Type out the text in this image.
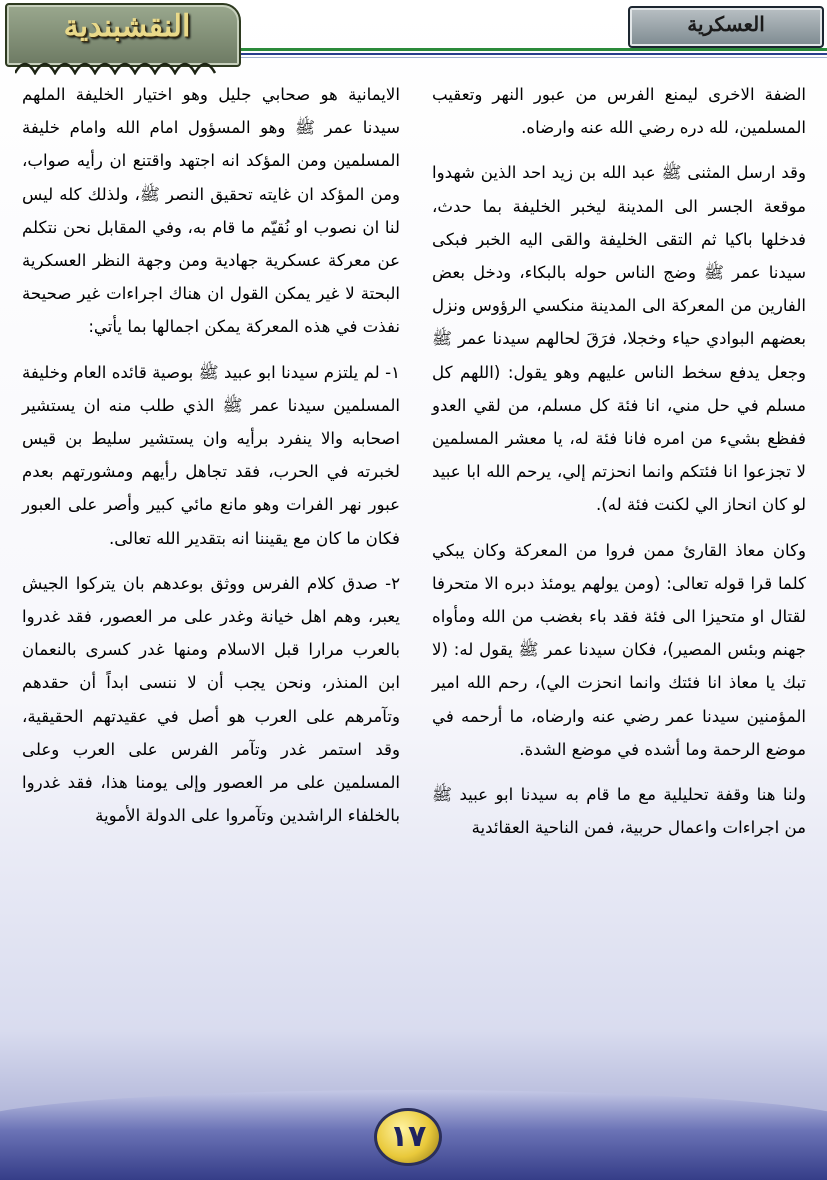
النقشبندية	العسكرية

الضفة الاخرى ليمنع الفرس من عبور النهر وتعقيب المسلمين، لله دره رضي الله عنه وارضاه.

وقد ارسل المثنى ﷺ عبد الله بن زيد احد الذين شهدوا موقعة الجسر الى المدينة ليخبر الخليفة بما حدث، فدخلها باكيا ثم التقى الخليفة والقى اليه الخبر فبكى سيدنا عمر ﷺ وضج الناس حوله بالبكاء، ودخل بعض الفارين من المعركة الى المدينة منكسي الرؤوس ونزل بعضهم البوادي حياء وخجلا، فرَقَ لحالهم سيدنا عمر ﷺ وجعل يدفع سخط الناس عليهم وهو يقول: (اللهم كل مسلم في حل مني، انا فئة كل مسلم، من لقي العدو ففظع بشيء من امره فانا فئة له، يا معشر المسلمين لا تجزعوا انا فئتكم وانما انحزتم إلي، يرحم الله ابا عبيد لو كان انحاز الي لكنت فئة له).

وكان معاذ القارئ ممن فروا من المعركة وكان يبكي كلما قرا قوله تعالى: (ومن يولهم يومئذ دبره الا متحرفا لقتال او متحيزا الى فئة فقد باء بغضب من الله ومأواه جهنم وبئس المصير)، فكان سيدنا عمر ﷺ يقول له: (لا تبك يا معاذ انا فئتك وانما انحزت الي)، رحم الله امير المؤمنين سيدنا عمر رضي عنه وارضاه، ما أرحمه في موضع الرحمة وما أشده في موضع الشدة.

ولنا هنا وقفة تحليلية مع ما قام به سيدنا ابو عبيد ﷺ من اجراءات واعمال حربية، فمن الناحية العقائدية

الايمانية هو صحابي جليل وهو اختيار الخليفة الملهم سيدنا عمر ﷺ وهو المسؤول امام الله وامام خليفة المسلمين ومن المؤكد انه اجتهد واقتنع ان رأيه صواب، ومن المؤكد ان غايته تحقيق النصر ﷺ، ولذلك كله ليس لنا ان نصوب او نُقيّم ما قام به، وفي المقابل نحن نتكلم عن معركة عسكرية جهادية ومن وجهة النظر العسكرية البحتة لا غير يمكن القول ان هناك اجراءات غير صحيحة نفذت في هذه المعركة يمكن اجمالها بما يأتي:

١- لم يلتزم سيدنا ابو عبيد ﷺ بوصية قائده العام وخليفة المسلمين سيدنا عمر ﷺ الذي طلب منه ان يستشير اصحابه والا ينفرد برأيه وان يستشير سليط بن قيس لخبرته في الحرب، فقد تجاهل رأيهم ومشورتهم بعدم عبور نهر الفرات وهو مانع مائي كبير وأصر على العبور فكان ما كان مع يقيننا انه بتقدير الله تعالى.

٢- صدق كلام الفرس ووثق بوعدهم بان يتركوا الجيش يعبر، وهم اهل خيانة وغدر على مر العصور، فقد غدروا بالعرب مرارا قبل الاسلام ومنها غدر كسرى بالنعمان ابن المنذر، ونحن يجب أن لا ننسى ابداً أن حقدهم وتآمرهم على العرب هو أصل في عقيدتهم الحقيقية، وقد استمر غدر وتآمر الفرس على العرب وعلى المسلمين على مر العصور وإلى يومنا هذا، فقد غدروا بالخلفاء الراشدين وتآمروا على الدولة الأموية

١٧
